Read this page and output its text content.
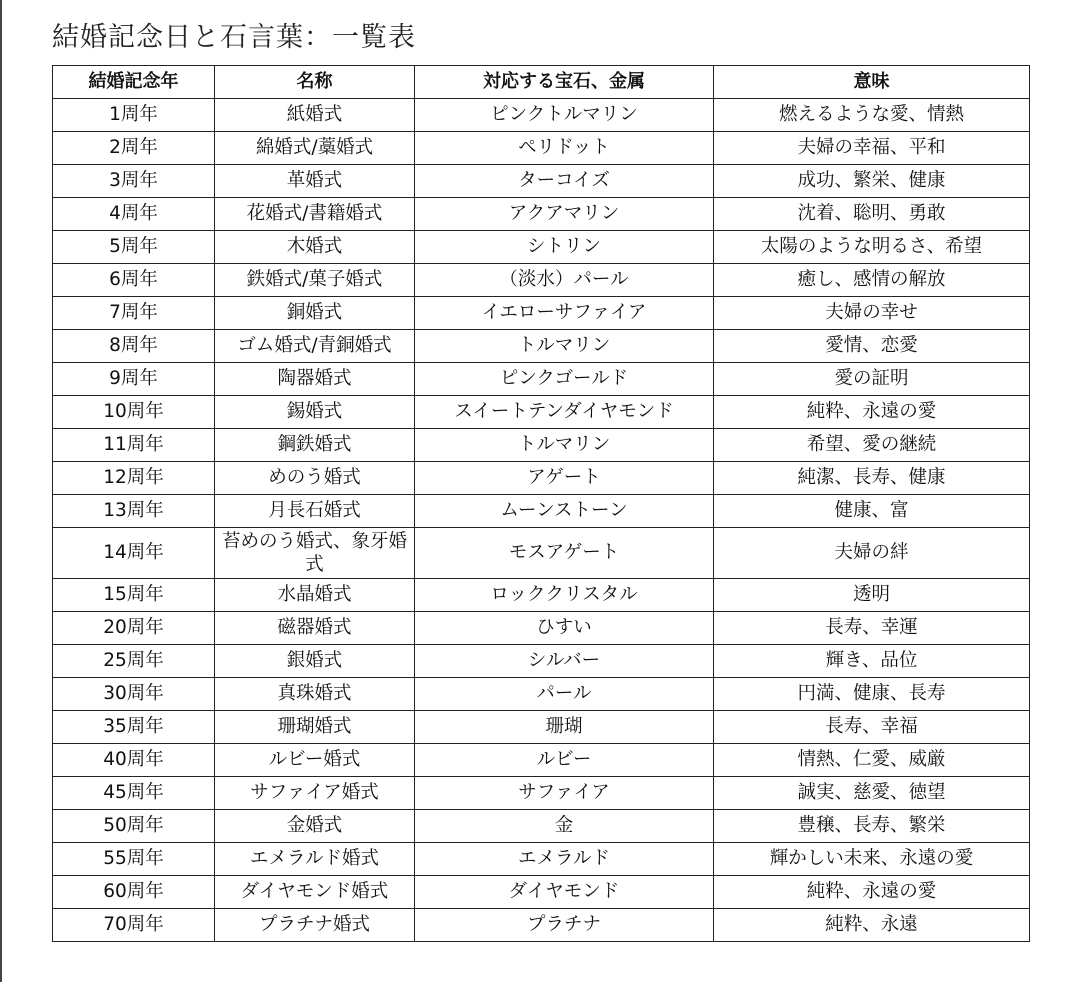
結婚記念日と石言葉：一覧表
結婚記念年	名称	対応する宝石、金属	意味
1周年	紙婚式	ピンクトルマリン	燃えるような愛、情熱
2周年	綿婚式/藁婚式	ペリドット	夫婦の幸福、平和
3周年	革婚式	ターコイズ	成功、繁栄、健康
4周年	花婚式/書籍婚式	アクアマリン	沈着、聡明、勇敢
5周年	木婚式	シトリン	太陽のような明るさ、希望
6周年	鉄婚式/菓子婚式	（淡水）パール	癒し、感情の解放
7周年	銅婚式	イエローサファイア	夫婦の幸せ
8周年	ゴム婚式/青銅婚式	トルマリン	愛情、恋愛
9周年	陶器婚式	ピンクゴールド	愛の証明
10周年	錫婚式	スイートテンダイヤモンド	純粋、永遠の愛
11周年	鋼鉄婚式	トルマリン	希望、愛の継続
12周年	めのう婚式	アゲート	純潔、長寿、健康
13周年	月長石婚式	ムーンストーン	健康、富
14周年	苔めのう婚式、象牙婚式	モスアゲート	夫婦の絆
15周年	水晶婚式	ロッククリスタル	透明
20周年	磁器婚式	ひすい	長寿、幸運
25周年	銀婚式	シルバー	輝き、品位
30周年	真珠婚式	パール	円満、健康、長寿
35周年	珊瑚婚式	珊瑚	長寿、幸福
40周年	ルビー婚式	ルビー	情熱、仁愛、威厳
45周年	サファイア婚式	サファイア	誠実、慈愛、徳望
50周年	金婚式	金	豊穣、長寿、繁栄
55周年	エメラルド婚式	エメラルド	輝かしい未来、永遠の愛
60周年	ダイヤモンド婚式	ダイヤモンド	純粋、永遠の愛
70周年	プラチナ婚式	プラチナ	純粋、永遠
